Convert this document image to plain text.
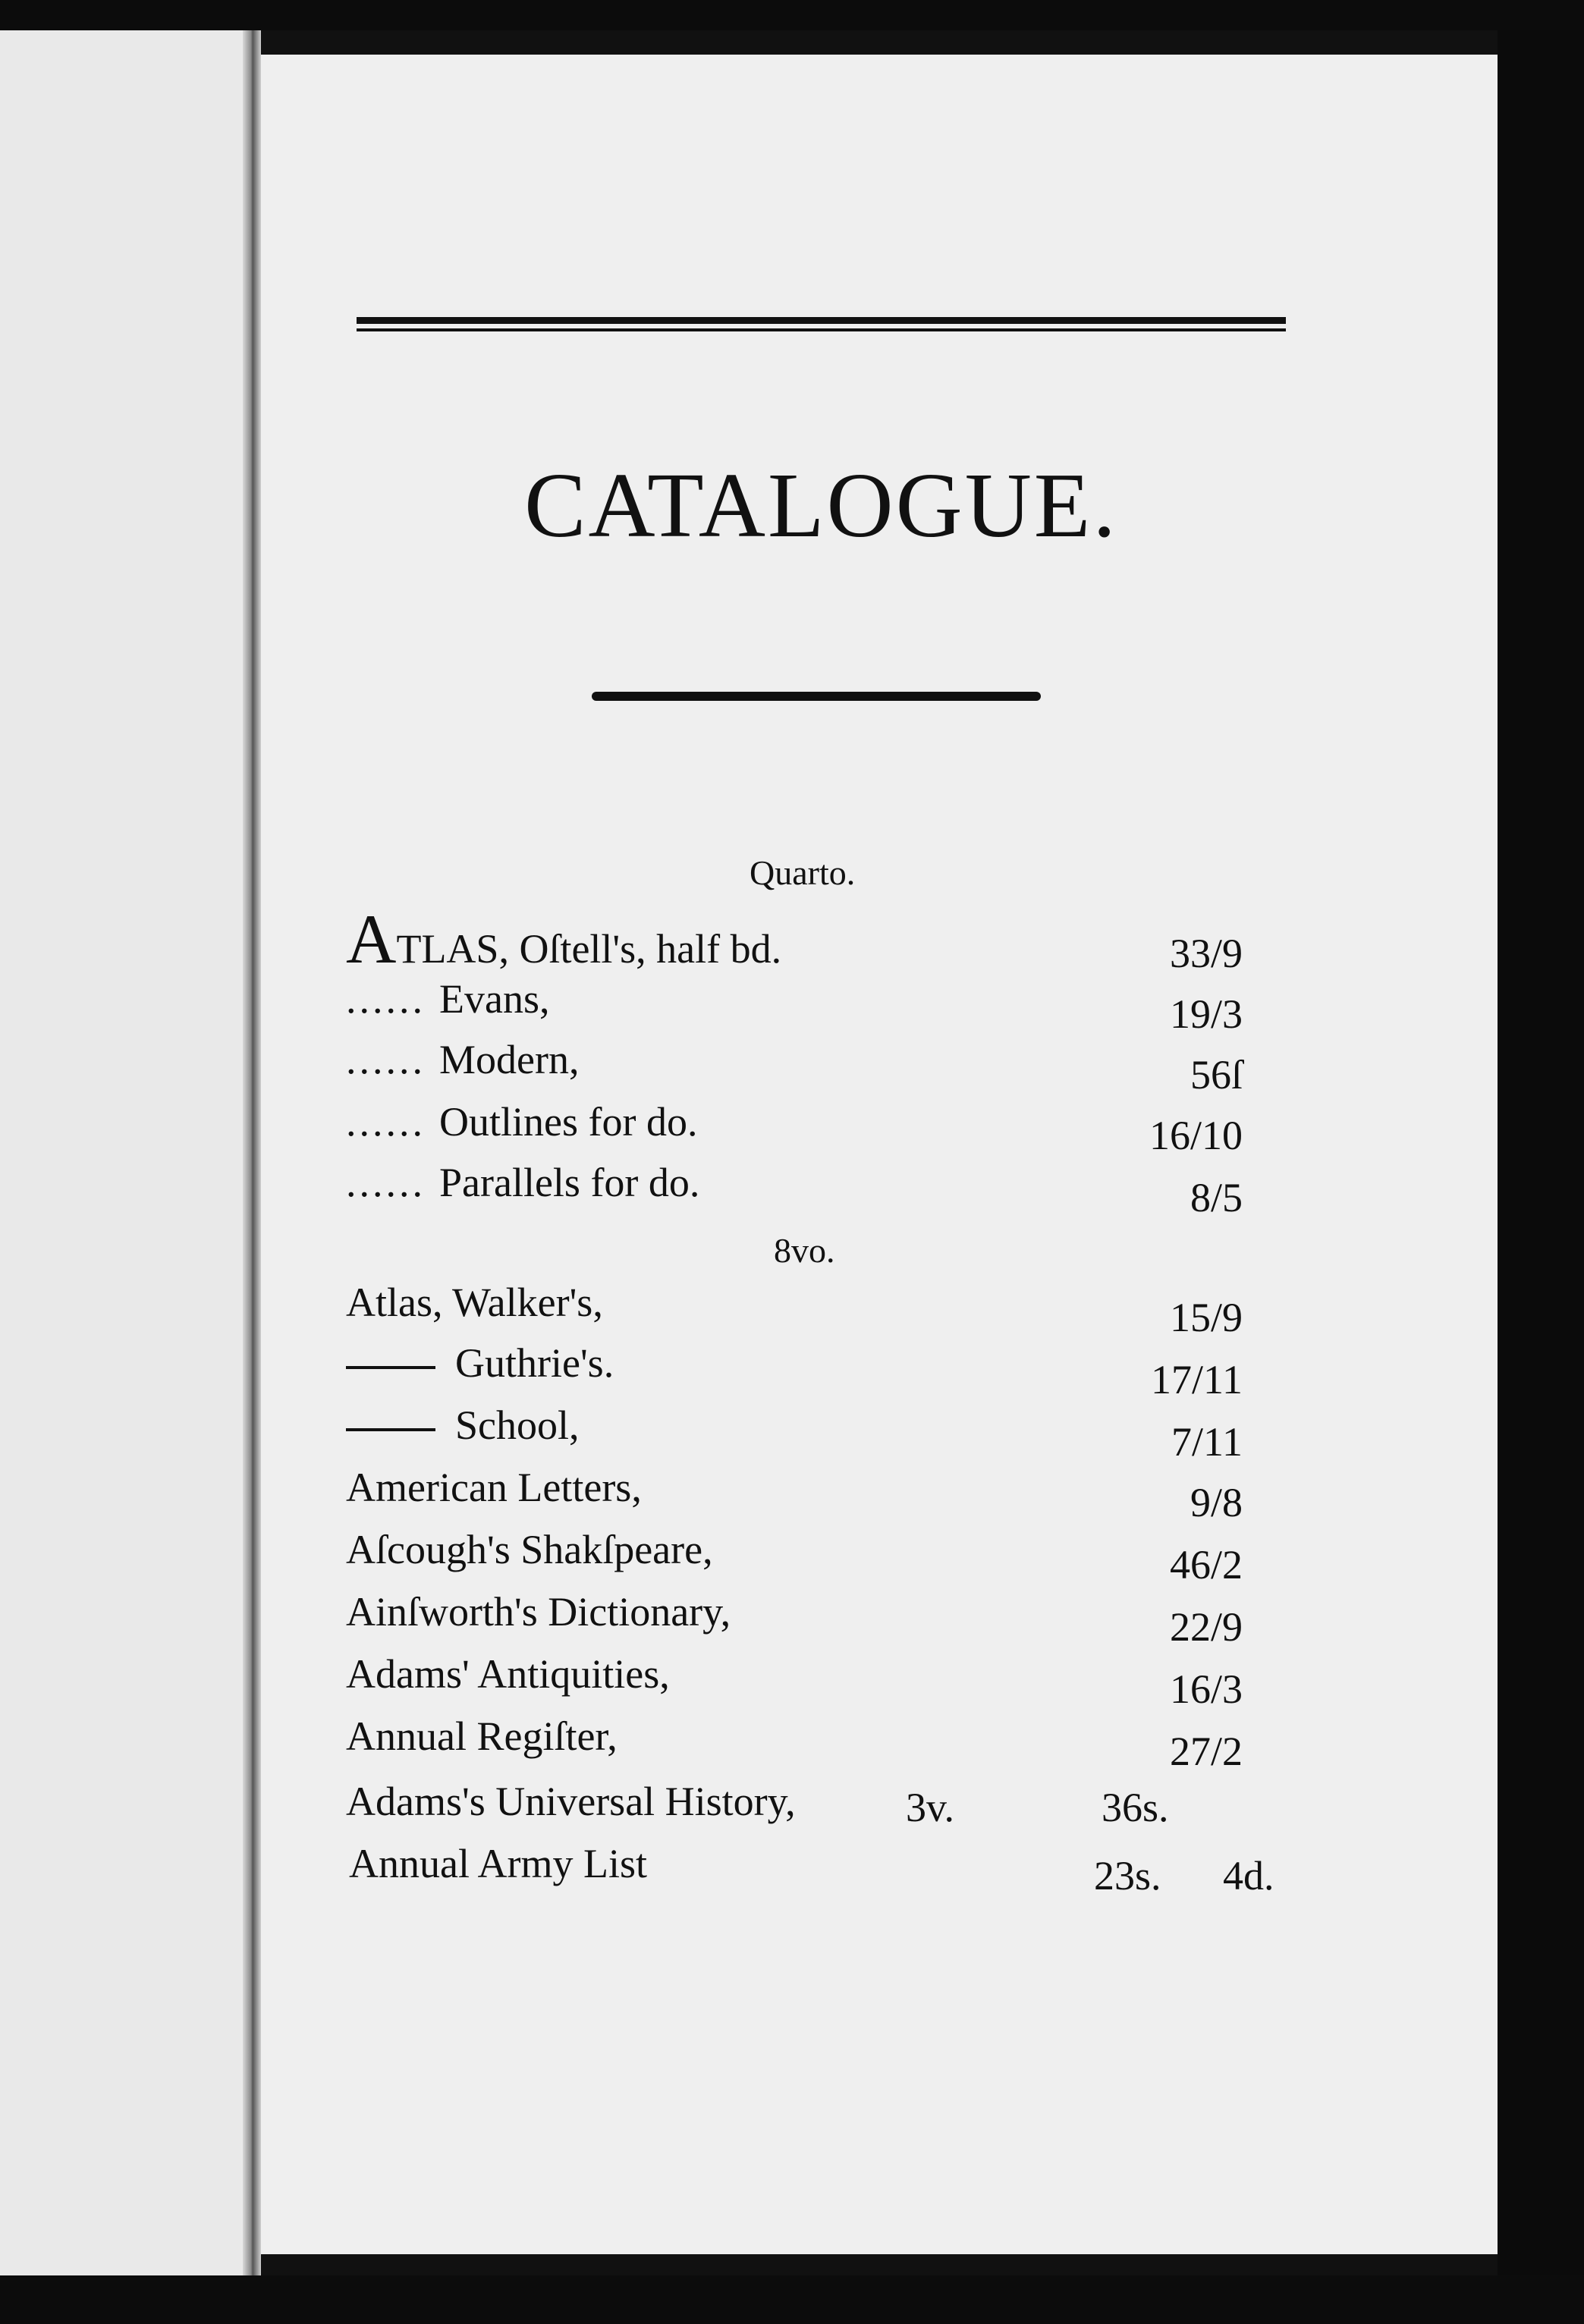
CATALOGUE.
Quarto.
ATLAS, Oſtell's, half bd.	33/9
...... Evans,	19/3
...... Modern,	56ſ
...... Outlines for do.	16/10
...... Parallels for do.	8/5
8vo.
Atlas, Walker's,	15/9
Guthrie's.	17/11
School,	7/11
American Letters,	9/8
Aſcough's Shakſpeare,	46/2
Ainſworth's Dictionary,	22/9
Adams' Antiquities,	16/3
Annual Regiſter,	27/2
Adams's Universal History,	3v.	36s.
Annual Army List	23s. 4d.
